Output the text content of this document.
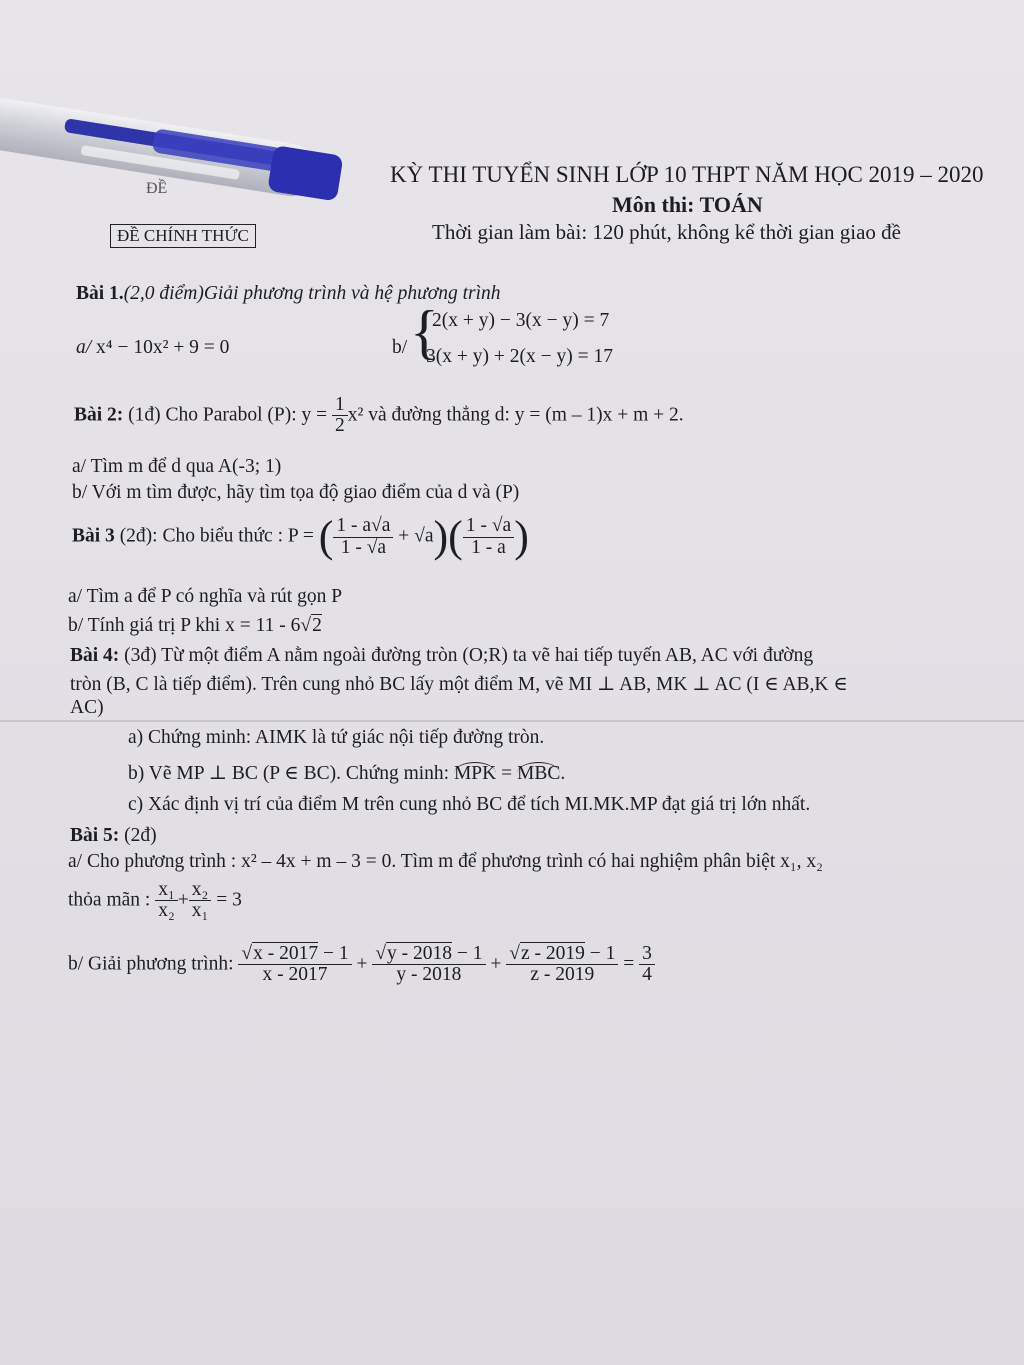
ĐỀ
KỲ THI TUYỂN SINH LỚP 10 THPT NĂM HỌC 2019 – 2020
Môn thi: TOÁN
Thời gian làm bài: 120 phút, không kể thời gian giao đề
ĐỀ CHÍNH THỨC
Bài 1.(2,0 điểm)Giải phương trình và hệ phương trình
a/ x⁴ − 10x² + 9 = 0	b/ {
2(x + y) − 3(x − y) = 7
3(x + y) + 2(x − y) = 17
Bài 2: (1đ) Cho Parabol (P): $y = \frac{1}{2} x^2$ và đường thẳng d: y = (m – 1)x + m + 2.
a/ Tìm m để d qua A(-3; 1)
b/ Với m tìm được, hãy tìm tọa độ giao điểm của d và (P)
Bài 3 (2đ): Cho biểu thức : P = ( $\frac{1 - a√a}{1 - √a} + √a)( \frac{1 - √a}{1 - a}$ )
a/ Tìm a để P có nghĩa và rút gọn P
b/ Tính giá trị P khi x = 11 - 6√2
Bài 4: (3đ) Từ một điểm A nằm ngoài đường tròn (O;R) ta vẽ hai tiếp tuyến AB, AC với đường
tròn (B, C là tiếp điểm). Trên cung nhỏ BC lấy một điểm M, vẽ MI ⊥ AB, MK ⊥ AC (I ∈ AB,K ∈
AC)
a) Chứng minh: AIMK là tứ giác nội tiếp đường tròn.
b) Vẽ MP ⊥ BC (P ∈ BC). Chứng minh: MPK = MBC.
c) Xác định vị trí của điểm M trên cung nhỏ BC để tích MI.MK.MP đạt giá trị lớn nhất.
Bài 5: (2đ)
a/ Cho phương trình : x² – 4x + m – 3 = 0. Tìm m để phương trình có hai nghiệm phân biệt x₁, x₂
thỏa mãn : $\frac{\text{x₁}}{\text{x₂}} + \frac{\text{x₂}}{\text{x₁}} = 3$
b/ Giải phương trình: $\frac{√x - 2017 - 1}{x - 2017} + \frac{√y - 2018 - 1}{y - 2018} + \frac{√z - 2019 - 1}{z - 2019} = \frac{3}{4}$
